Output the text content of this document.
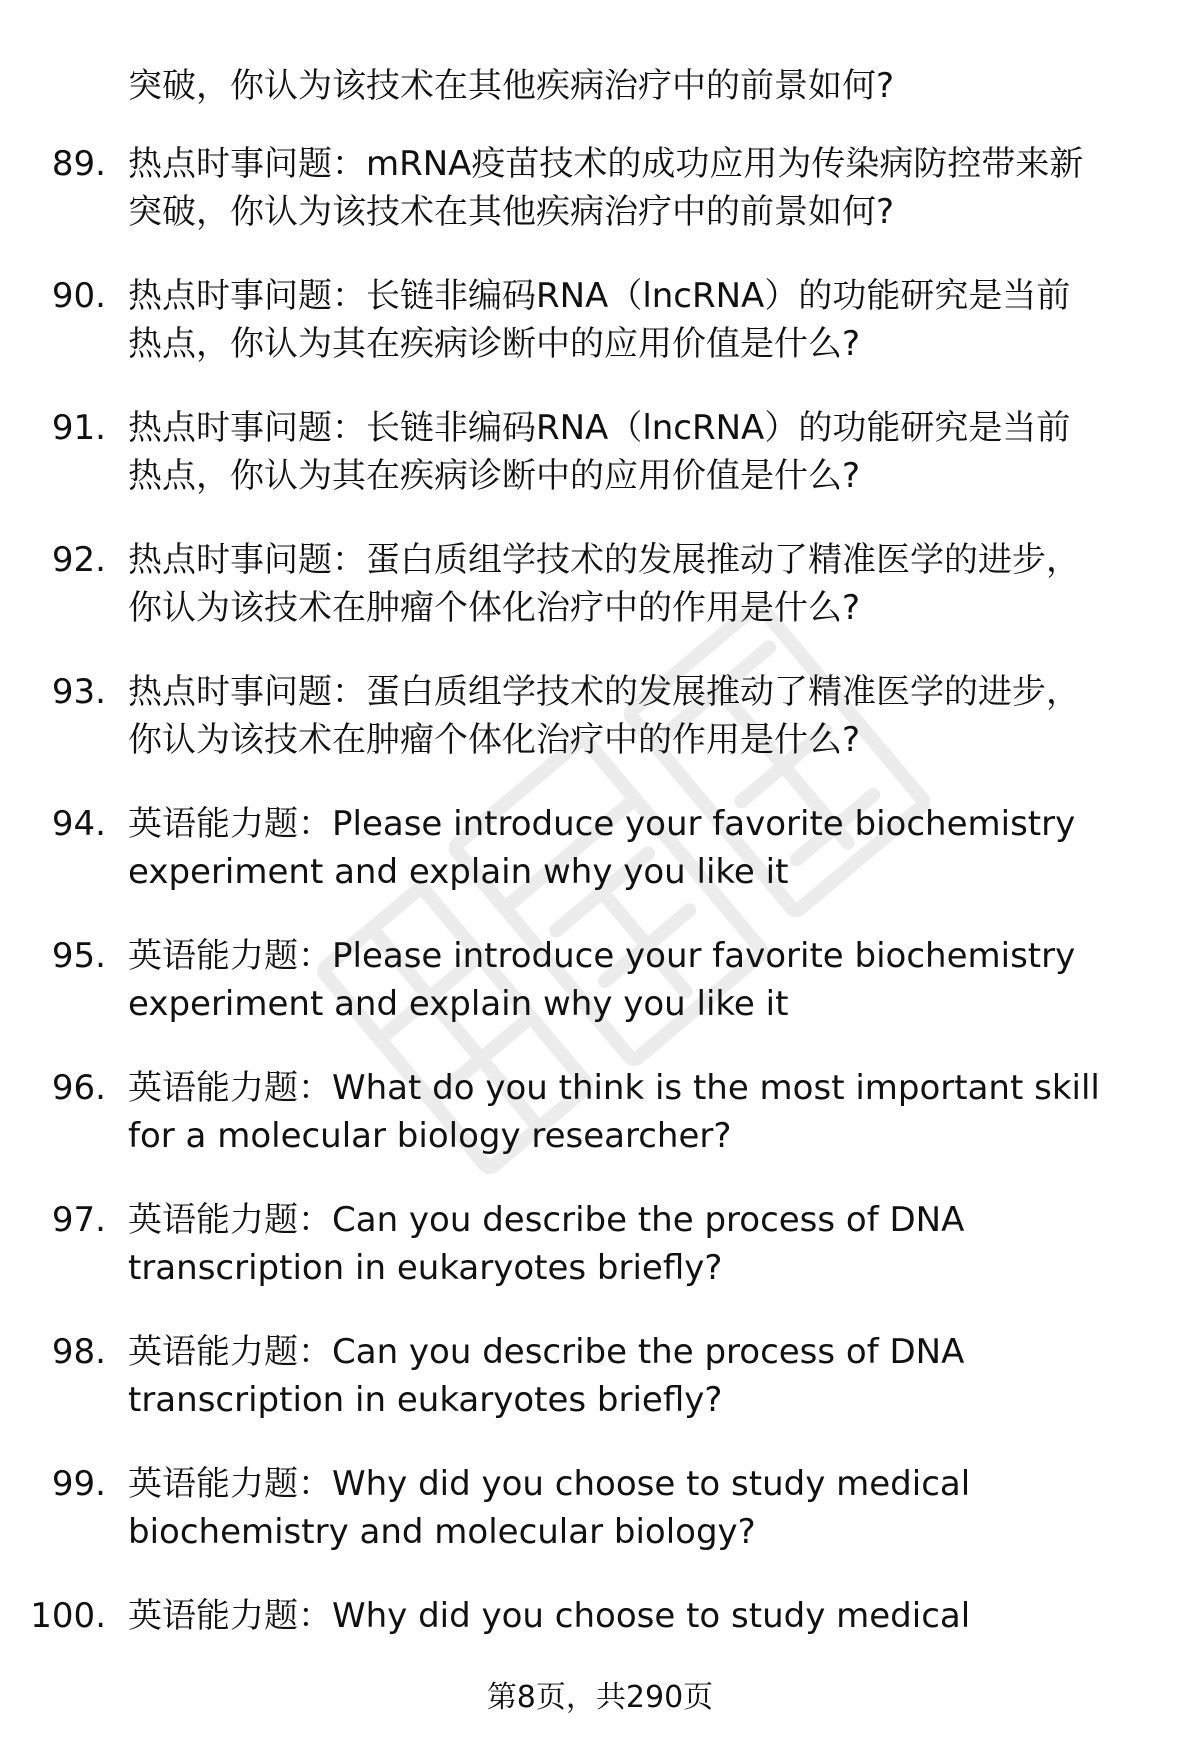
突破，你认为该技术在其他疾病治疗中的前景如何?
89. 热点时事问题：mRNA疫苗技术的成功应用为传染病防控带来新
突破，你认为该技术在其他疾病治疗中的前景如何?
90. 热点时事问题：长链非编码RNA（lncRNA）的功能研究是当前
热点，你认为其在疾病诊断中的应用价值是什么?
91. 热点时事问题：长链非编码RNA（lncRNA）的功能研究是当前
热点，你认为其在疾病诊断中的应用价值是什么?
92. 热点时事问题：蛋白质组学技术的发展推动了精准医学的进步，
你认为该技术在肿瘤个体化治疗中的作用是什么?
93. 热点时事问题：蛋白质组学技术的发展推动了精准医学的进步，
你认为该技术在肿瘤个体化治疗中的作用是什么?
94. 英语能力题：Please introduce your favorite biochemistry
experiment and explain why you like it
95. 英语能力题：Please introduce your favorite biochemistry
experiment and explain why you like it
96. 英语能力题：What do you think is the most important skill
for a molecular biology researcher?
97. 英语能力题：Can you describe the process of DNA
transcription in eukaryotes briefly?
98. 英语能力题：Can you describe the process of DNA
transcription in eukaryotes briefly?
99. 英语能力题：Why did you choose to study medical
biochemistry and molecular biology?
100. 英语能力题：Why did you choose to study medical
第8页，共290页
